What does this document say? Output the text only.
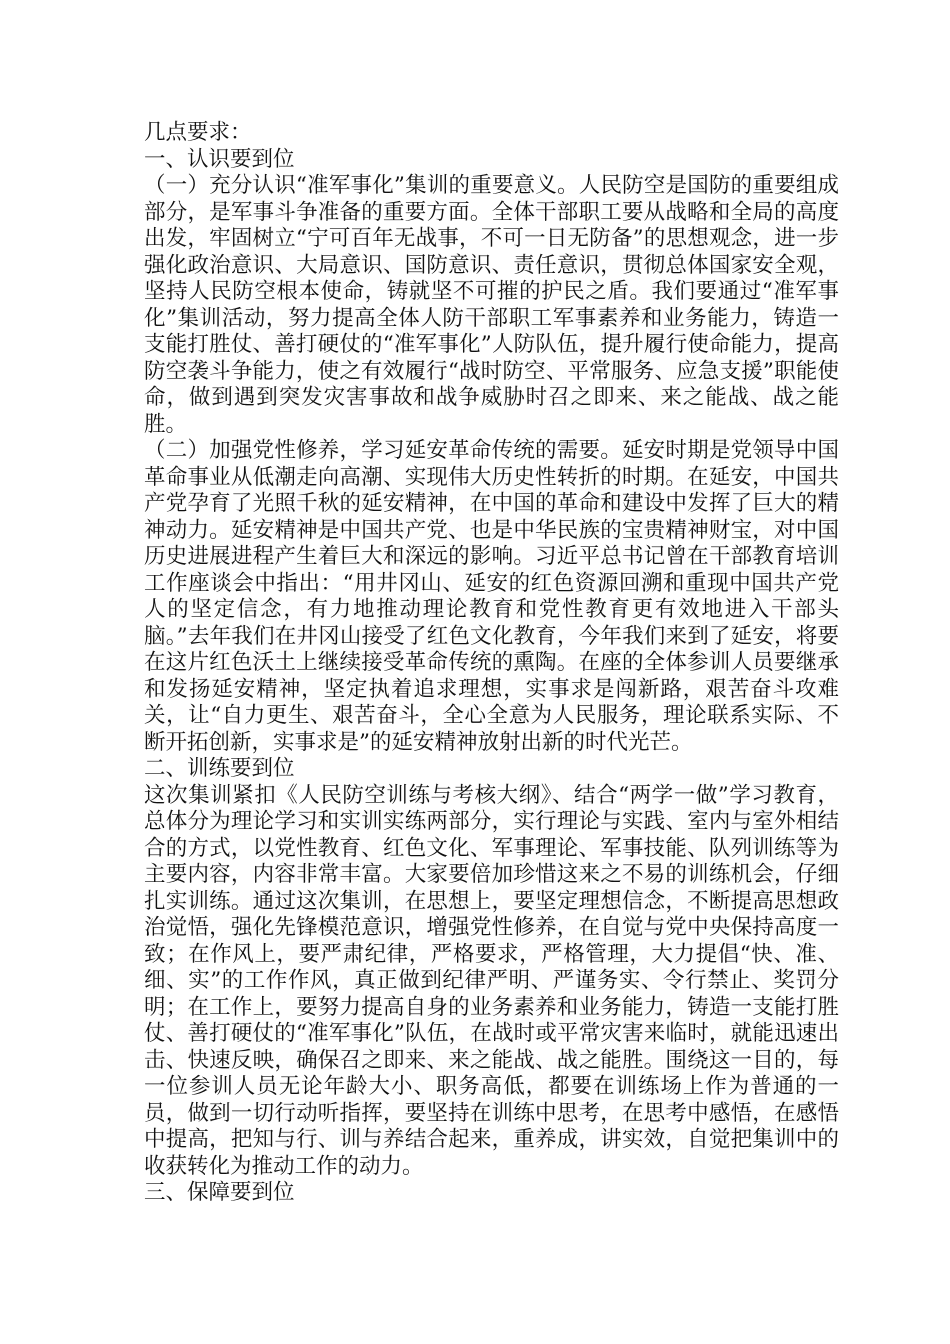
几点要求：

一、认识要到位

（一）充分认识“准军事化”集训的重要意义。人民防空是国防的重要组成部分，是军事斗争准备的重要方面。全体干部职工要从战略和全局的高度出发，牢固树立“宁可百年无战事，不可一日无防备”的思想观念，进一步强化政治意识、大局意识、国防意识、责任意识，贯彻总体国家安全观，坚持人民防空根本使命，铸就坚不可摧的护民之盾。我们要通过“准军事化”集训活动，努力提高全体人防干部职工军事素养和业务能力，铸造一支能打胜仗、善打硬仗的“准军事化”人防队伍，提升履行使命能力，提高防空袭斗争能力，使之有效履行“战时防空、平常服务、应急支援”职能使命，做到遇到突发灾害事故和战争威胁时召之即来、来之能战、战之能胜。

（二）加强党性修养，学习延安革命传统的需要。延安时期是党领导中国革命事业从低潮走向高潮、实现伟大历史性转折的时期。在延安，中国共产党孕育了光照千秋的延安精神，在中国的革命和建设中发挥了巨大的精神动力。延安精神是中国共产党、也是中华民族的宝贵精神财宝，对中国历史进展进程产生着巨大和深远的影响。习近平总书记曾在干部教育培训工作座谈会中指出：“用井冈山、延安的红色资源回溯和重现中国共产党人的坚定信念，有力地推动理论教育和党性教育更有效地进入干部头脑。”去年我们在井冈山接受了红色文化教育，今年我们来到了延安，将要在这片红色沃土上继续接受革命传统的熏陶。在座的全体参训人员要继承和发扬延安精神，坚定执着追求理想，实事求是闯新路，艰苦奋斗攻难关，让“自力更生、艰苦奋斗，全心全意为人民服务，理论联系实际、不断开拓创新，实事求是”的延安精神放射出新的时代光芒。

二、训练要到位

这次集训紧扣《人民防空训练与考核大纲》、结合“两学一做”学习教育，总体分为理论学习和实训实练两部分，实行理论与实践、室内与室外相结合的方式，以党性教育、红色文化、军事理论、军事技能、队列训练等为主要内容，内容非常丰富。大家要倍加珍惜这来之不易的训练机会，仔细扎实训练。通过这次集训，在思想上，要坚定理想信念，不断提高思想政治觉悟，强化先锋模范意识，增强党性修养，在自觉与党中央保持高度一致；在作风上，要严肃纪律，严格要求，严格管理，大力提倡“快、准、细、实”的工作作风，真正做到纪律严明、严谨务实、令行禁止、奖罚分明；在工作上，要努力提高自身的业务素养和业务能力，铸造一支能打胜仗、善打硬仗的“准军事化”队伍，在战时或平常灾害来临时，就能迅速出击、快速反映，确保召之即来、来之能战、战之能胜。围绕这一目的，每一位参训人员无论年龄大小、职务高低，都要在训练场上作为普通的一员，做到一切行动听指挥，要坚持在训练中思考，在思考中感悟，在感悟中提高，把知与行、训与养结合起来，重养成，讲实效，自觉把集训中的收获转化为推动工作的动力。

三、保障要到位
